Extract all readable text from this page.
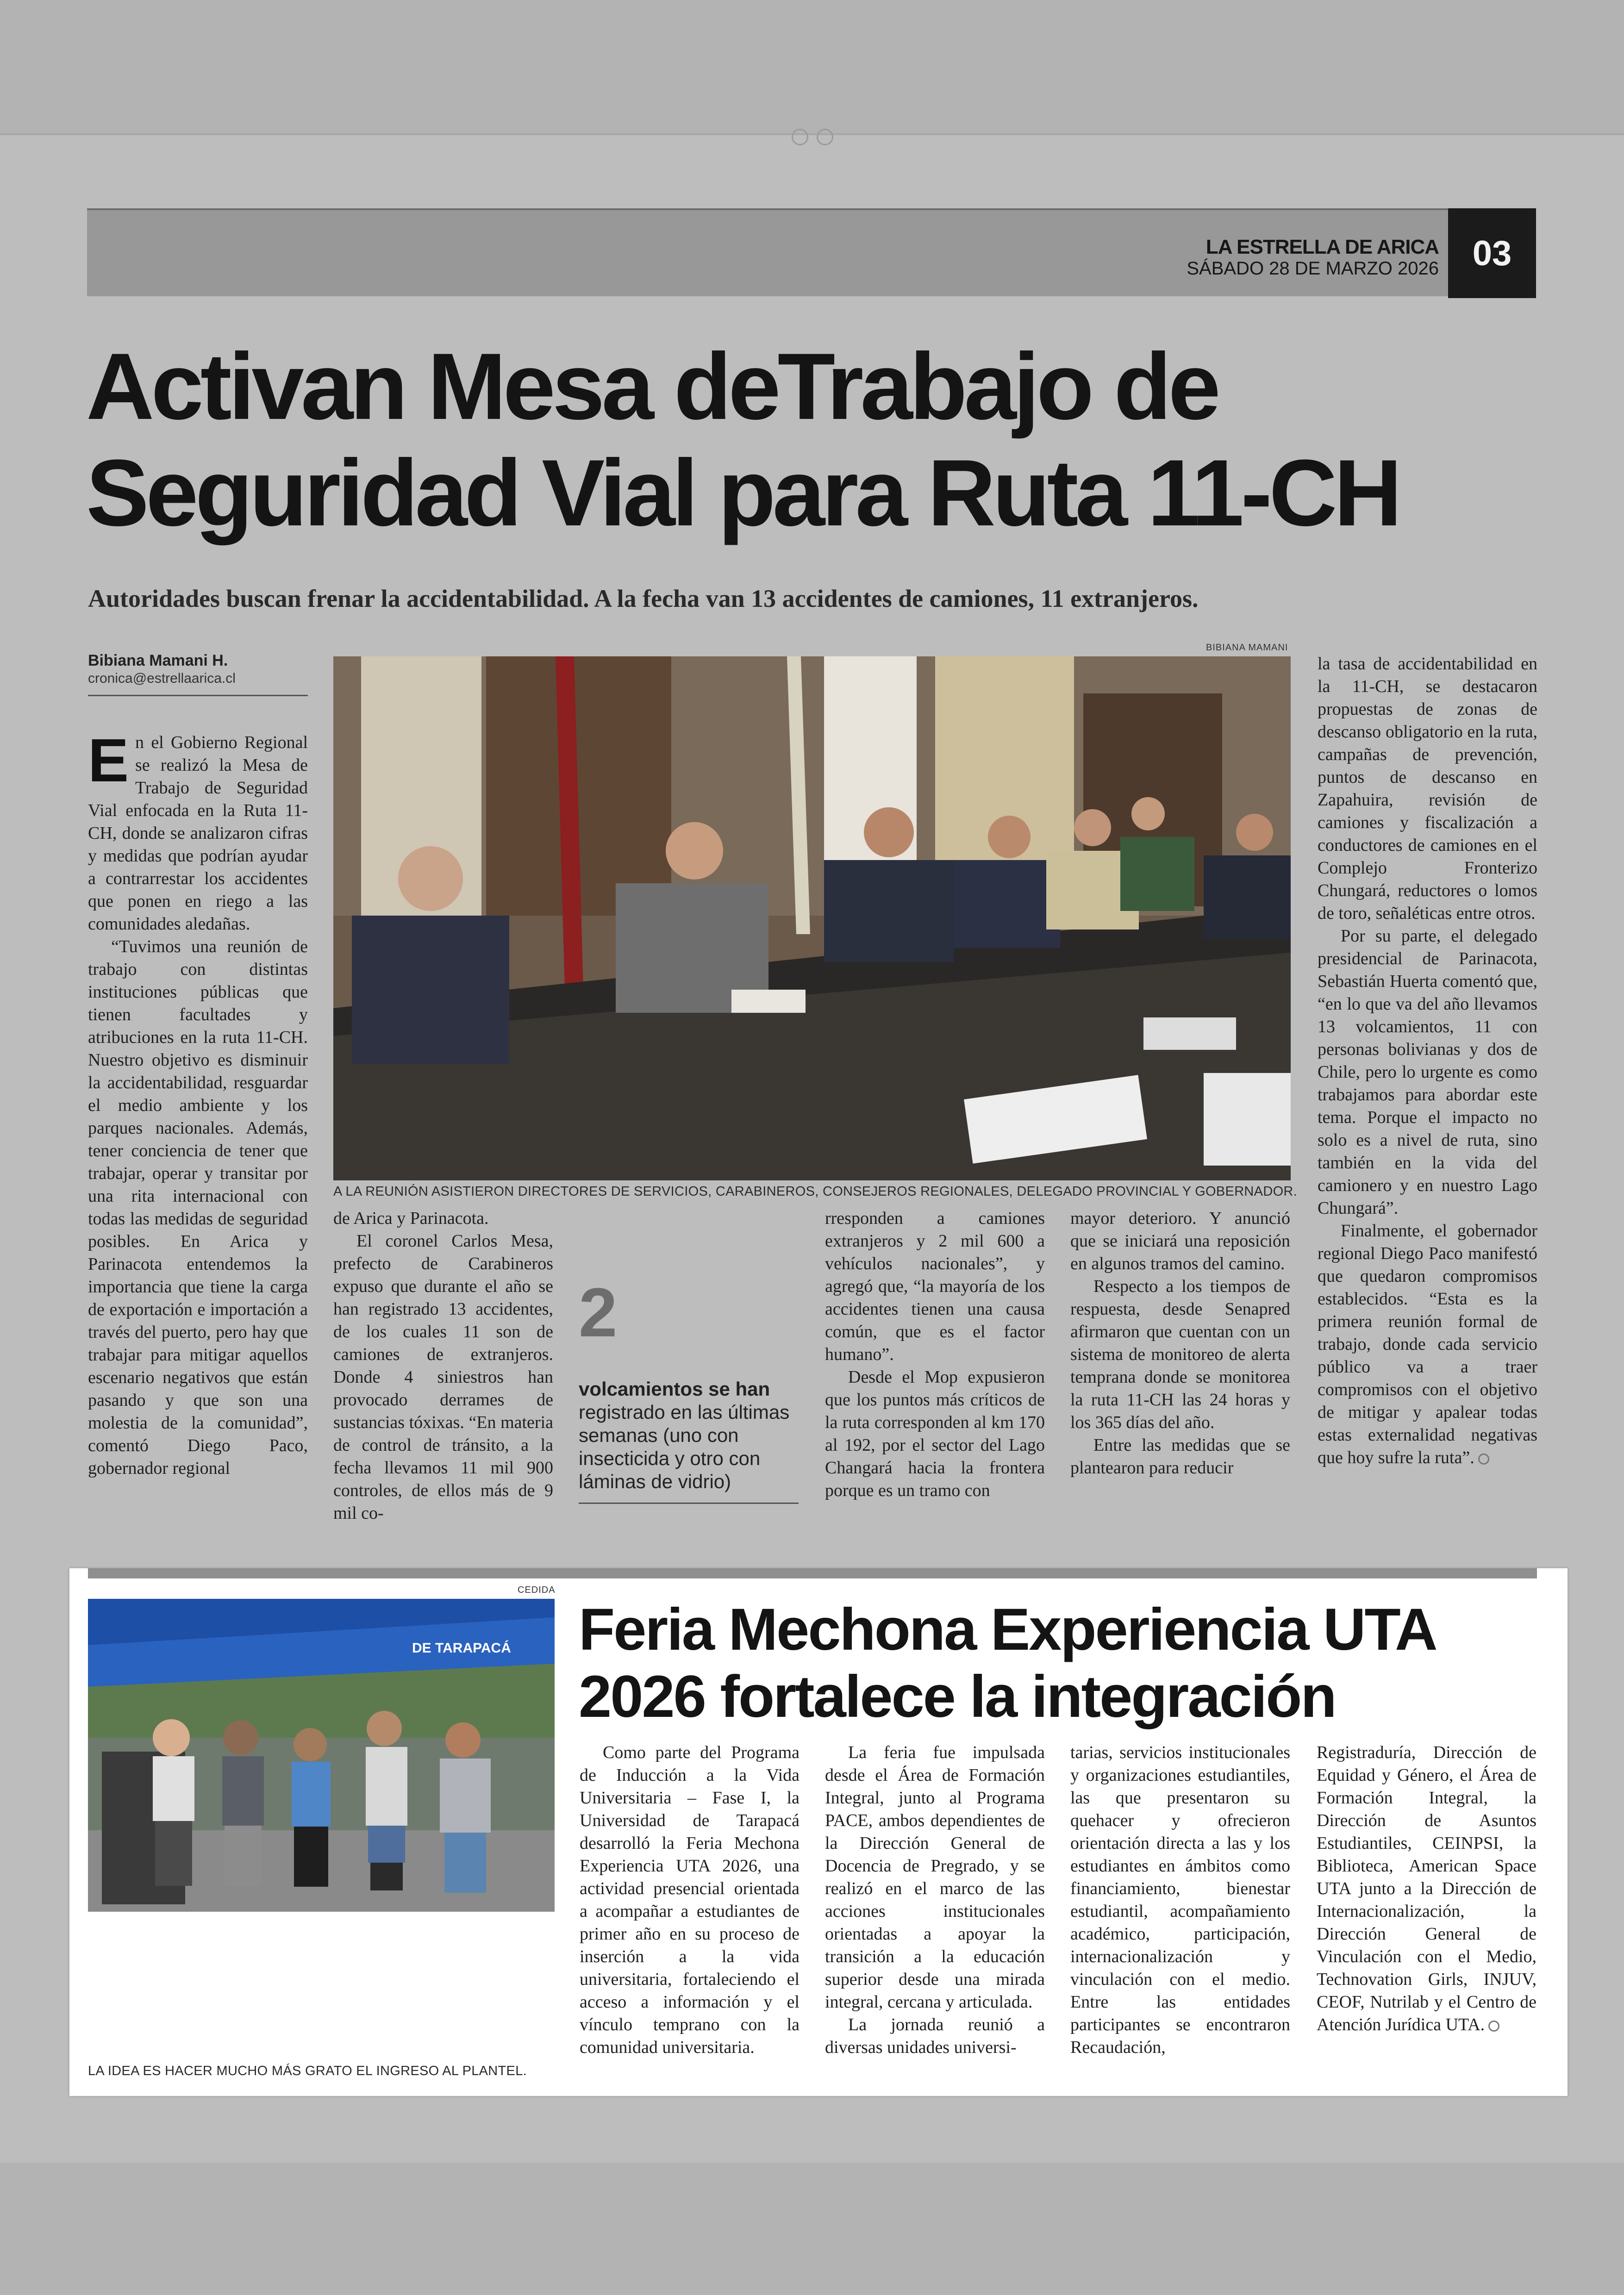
LA ESTRELLA DE ARICA
SÁBADO 28 DE MARZO 2026 03
Activan Mesa deTrabajo de
Seguridad Vial para Ruta 11-CH

Autoridades buscan frenar la accidentabilidad. A la fecha van 13 accidentes de camiones, 11 extranjeros.

Bibiana Mamani H.
cronica@estrellaarica.cl

En el Gobierno Regional se realizó la Mesa de Trabajo de Seguridad Vial enfocada en la Ruta 11-CH, donde se analizaron cifras y medidas que podrían ayudar a contrarrestar los accidentes que ponen en riego a las comunidades aledañas.

“Tuvimos una reunión de trabajo con distintas instituciones públicas que tienen facultades y atribuciones en la ruta 11-CH. Nuestro objetivo es disminuir la accidentabilidad, resguardar el medio ambiente y los parques nacionales. Además, tener conciencia de tener que trabajar, operar y transitar por una rita internacional con todas las medidas de seguridad posibles. En Arica y Parinacota entendemos la importancia que tiene la carga de exportación e importación a través del puerto, pero hay que trabajar para mitigar aquellos escenario negativos que están pasando y que son una molestia de la comunidad”, comentó Diego Paco, gobernador regional

BIBIANA MAMANI
A LA REUNIÓN ASISTIERON DIRECTORES DE SERVICIOS, CARABINEROS, CONSEJEROS REGIONALES, DELEGADO PROVINCIAL Y GOBERNADOR.

de Arica y Parinacota.

El coronel Carlos Mesa, prefecto de Carabineros expuso que durante el año se han registrado 13 accidentes, de los cuales 11 son de camiones de extranjeros. Donde 4 siniestros han provocado derrames de sustancias tóxixas. “En materia de control de tránsito, a la fecha llevamos 11 mil 900 controles, de ellos más de 9 mil co-

2
volcamientos se han registrado en las últimas semanas (uno con insecticida y otro con láminas de vidrio)

rresponden a camiones extranjeros y 2 mil 600 a vehículos nacionales”, y agregó que, “la mayoría de los accidentes tienen una causa común, que es el factor humano”.

Desde el Mop expusieron que los puntos más críticos de la ruta corresponden al km 170 al 192, por el sector del Lago Changará hacia la frontera porque es un tramo con

mayor deterioro. Y anunció que se iniciará una reposición en algunos tramos del camino.

Respecto a los tiempos de respuesta, desde Senapred afirmaron que cuentan con un sistema de monitoreo de alerta temprana donde se monitorea la ruta 11-CH las 24 horas y los 365 días del año.

Entre las medidas que se plantearon para reducir

la tasa de accidentabilidad en la 11-CH, se destacaron propuestas de zonas de descanso obligatorio en la ruta, campañas de prevención, puntos de descanso en Zapahuira, revisión de camiones y fiscalización a conductores de camiones en el Complejo Fronterizo Chungará, reductores o lomos de toro, señaléticas entre otros.

Por su parte, el delegado presidencial de Parinacota, Sebastián Huerta comentó que, “en lo que va del año llevamos 13 volcamientos, 11 con personas bolivianas y dos de Chile, pero lo urgente es como trabajamos para abordar este tema. Porque el impacto no solo es a nivel de ruta, sino también en la vida del camionero y en nuestro Lago Chungará”.

Finalmente, el gobernador regional Diego Paco manifestó que quedaron compromisos establecidos. “Esta es la primera reunión formal de trabajo, donde cada servicio público va a traer compromisos con el objetivo de mitigar y apalear todas estas externalidad negativas que hoy sufre la ruta”.

CEDIDA
DE TARAPACÁ
LA IDEA ES HACER MUCHO MÁS GRATO EL INGRESO AL PLANTEL.
Feria Mechona Experiencia UTA
2026 fortalece la integración

Como parte del Programa de Inducción a la Vida Universitaria – Fase I, la Universidad de Tarapacá desarrolló la Feria Mechona Experiencia UTA 2026, una actividad presencial orientada a acompañar a estudiantes de primer año en su proceso de inserción a la vida universitaria, fortaleciendo el acceso a información y el vínculo temprano con la comunidad universitaria.

La feria fue impulsada desde el Área de Formación Integral, junto al Programa PACE, ambos dependientes de la Dirección General de Docencia de Pregrado, y se realizó en el marco de las acciones institucionales orientadas a apoyar la transición a la educación superior desde una mirada integral, cercana y articulada.

La jornada reunió a diversas unidades universi-

tarias, servicios institucionales y organizaciones estudiantiles, las que presentaron su quehacer y ofrecieron orientación directa a las y los estudiantes en ámbitos como financiamiento, bienestar estudiantil, acompañamiento académico, participación, internacionalización y vinculación con el medio. Entre las entidades participantes se encontraron Recaudación,

Registraduría, Dirección de Equidad y Género, el Área de Formación Integral, la Dirección de Asuntos Estudiantiles, CEINPSI, la Biblioteca, American Space UTA junto a la Dirección de Internacionalización, la Dirección General de Vinculación con el Medio, Technovation Girls, INJUV, CEOF, Nutrilab y el Centro de Atención Jurídica UTA.
